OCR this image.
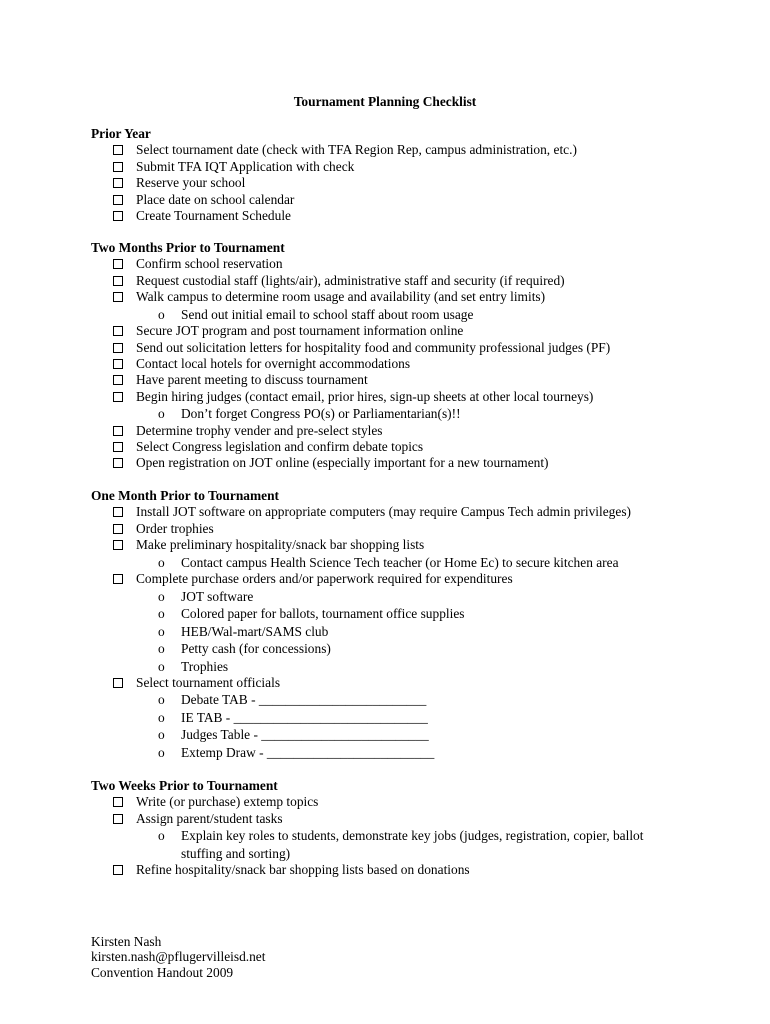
Tournament Planning Checklist
Prior Year
Select tournament date (check with TFA Region Rep, campus administration, etc.)
Submit TFA IQT Application with check
Reserve your school
Place date on school calendar
Create Tournament Schedule
Two Months Prior to Tournament
Confirm school reservation
Request custodial staff (lights/air), administrative staff and security (if required)
Walk campus to determine room usage and availability (and set entry limits)
o	Send out initial email to school staff about room usage
Secure JOT program and post tournament information online
Send out solicitation letters for hospitality food and community professional judges (PF)
Contact local hotels for overnight accommodations
Have parent meeting to discuss tournament
Begin hiring judges (contact email, prior hires, sign-up sheets at other local tourneys)
o	Don’t forget Congress PO(s) or Parliamentarian(s)!!
Determine trophy vender and pre-select styles
Select Congress legislation and confirm debate topics
Open registration on JOT online (especially important for a new tournament)
One Month Prior to Tournament
Install JOT software on appropriate computers (may require Campus Tech admin privileges)
Order trophies
Make preliminary hospitality/snack bar shopping lists
o	Contact campus Health Science Tech teacher (or Home Ec) to secure kitchen area
Complete purchase orders and/or paperwork required for expenditures
o	JOT software
o	Colored paper for ballots, tournament office supplies
o	HEB/Wal-mart/SAMS club
o	Petty cash (for concessions)
o	Trophies
Select tournament officials
o	Debate TAB - _________________________
o	IE TAB - _____________________________
o	Judges Table - _________________________
o	Extemp Draw - _________________________
Two Weeks Prior to Tournament
Write (or purchase) extemp topics
Assign parent/student tasks
o	Explain key roles to students, demonstrate key jobs (judges, registration, copier, ballot
stuffing and sorting)
Refine hospitality/snack bar shopping lists based on donations
Kirsten Nash
kirsten.nash@pflugervilleisd.net
Convention Handout 2009
